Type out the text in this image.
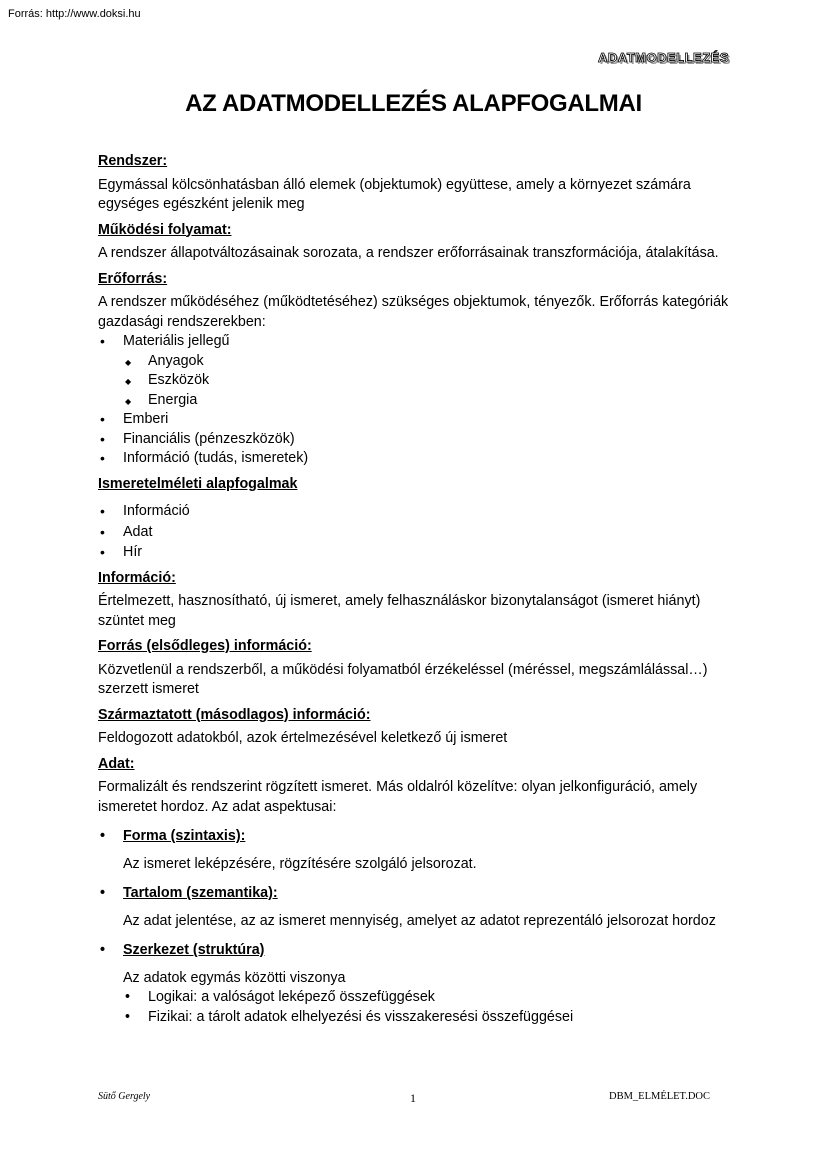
Forrás: http://www.doksi.hu
ADATMODELLEZÉS
AZ ADATMODELLEZÉS ALAPFOGALMAI

Rendszer:

Egymással kölcsönhatásban álló elemek (objektumok) együttese, amely a környezet számára egységes egészként jelenik meg

Működési folyamat:

A rendszer állapotváltozásainak sorozata, a rendszer erőforrásainak transzformációja, átalakítása.

Erőforrás:

A rendszer működéséhez (működtetéséhez) szükséges objektumok, tényezők. Erőforrás kategóriák gazdasági rendszerekben:

• Materiális jellegű
◆ Anyagok
◆ Eszközök
◆ Energia
• Emberi
• Financiális (pénzeszközök)
• Információ (tudás, ismeretek)

Ismeretelméleti alapfogalmak

• Információ
• Adat
• Hír

Információ:

Értelmezett, hasznosítható, új ismeret, amely felhasználáskor bizonytalanságot (ismeret hiányt) szüntet meg

Forrás (elsődleges) információ:

Közvetlenül a rendszerből, a működési folyamatból érzékeléssel (méréssel, megszámlálással…) szerzett ismeret

Származtatott (másodlagos) információ:

Feldogozott adatokból, azok értelmezésével keletkező új ismeret

Adat:

Formalizált és rendszerint rögzített ismeret. Más oldalról közelítve: olyan jelkonfiguráció, amely ismeretet hordoz. Az adat aspektusai:

• Forma (szintaxis):

Az ismeret leképzésére, rögzítésére szolgáló jelsorozat.

• Tartalom (szemantika):

Az adat jelentése, az az ismeret mennyiség, amelyet az adatot reprezentáló jelsorozat hordoz

• Szerkezet (struktúra)

Az adatok egymás közötti viszonya

• Logikai: a valóságot leképező összefüggések
• Fizikai: a tárolt adatok elhelyezési és visszakeresési összefüggései
Sütő Gergely	1	DBM_ELMÉLET.DOC
